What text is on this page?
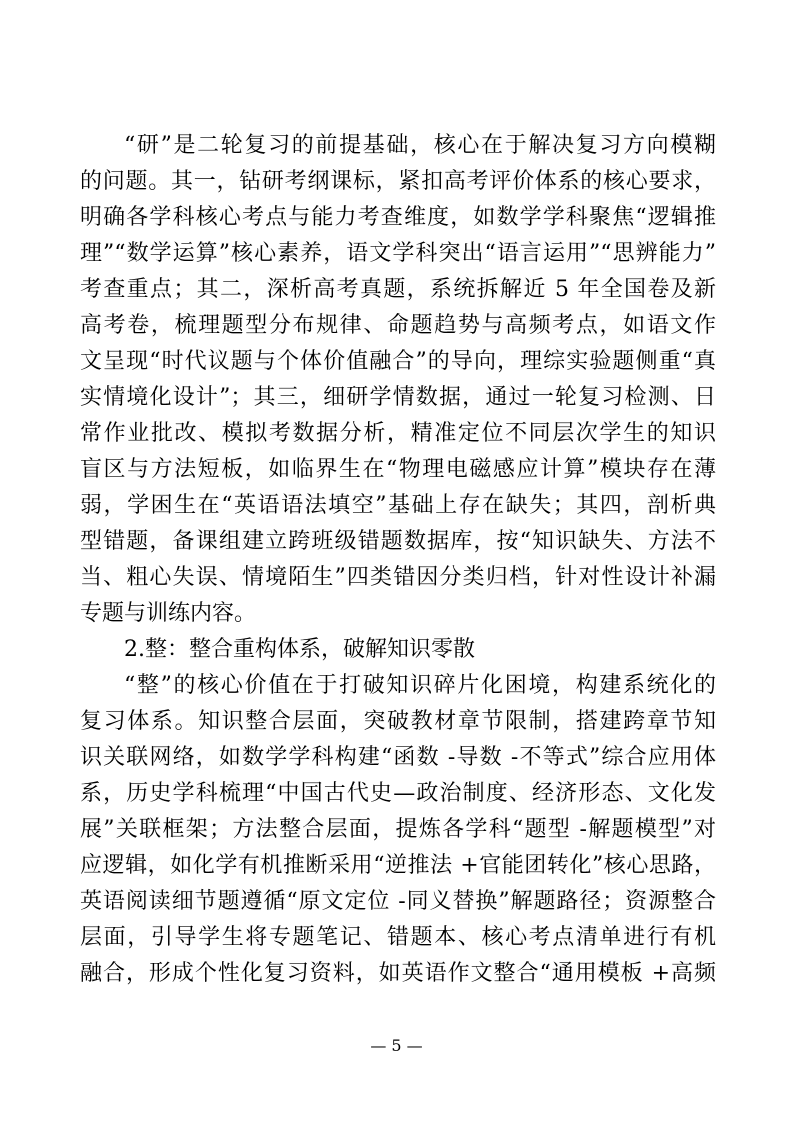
“研”是二轮复习的前提基础，核心在于解决复习方向模糊
的问题。其一，钻研考纲课标，紧扣高考评价体系的核心要求，
明确各学科核心考点与能力考查维度，如数学学科聚焦“逻辑推
理”“数学运算”核心素养，语文学科突出“语言运用”“思辨能力”
考查重点；其二，深析高考真题，系统拆解近 5 年全国卷及新
高考卷，梳理题型分布规律、命题趋势与高频考点，如语文作
文呈现“时代议题与个体价值融合”的导向，理综实验题侧重“真
实情境化设计”；其三，细研学情数据，通过一轮复习检测、日
常作业批改、模拟考数据分析，精准定位不同层次学生的知识
盲区与方法短板，如临界生在“物理电磁感应计算”模块存在薄
弱，学困生在“英语语法填空”基础上存在缺失；其四，剖析典
型错题，备课组建立跨班级错题数据库，按“知识缺失、方法不
当、粗心失误、情境陌生”四类错因分类归档，针对性设计补漏
专题与训练内容。
2.整：整合重构体系，破解知识零散
“整”的核心价值在于打破知识碎片化困境，构建系统化的
复习体系。知识整合层面，突破教材章节限制，搭建跨章节知
识关联网络，如数学学科构建“函数 -导数 -不等式”综合应用体
系，历史学科梳理“中国古代史—政治制度、经济形态、文化发
展”关联框架；方法整合层面，提炼各学科“题型 -解题模型”对
应逻辑，如化学有机推断采用“逆推法 +官能团转化”核心思路，
英语阅读细节题遵循“原文定位 -同义替换”解题路径；资源整合
层面，引导学生将专题笔记、错题本、核心考点清单进行有机
融合，形成个性化复习资料，如英语作文整合“通用模板 +高频
— 5 —
